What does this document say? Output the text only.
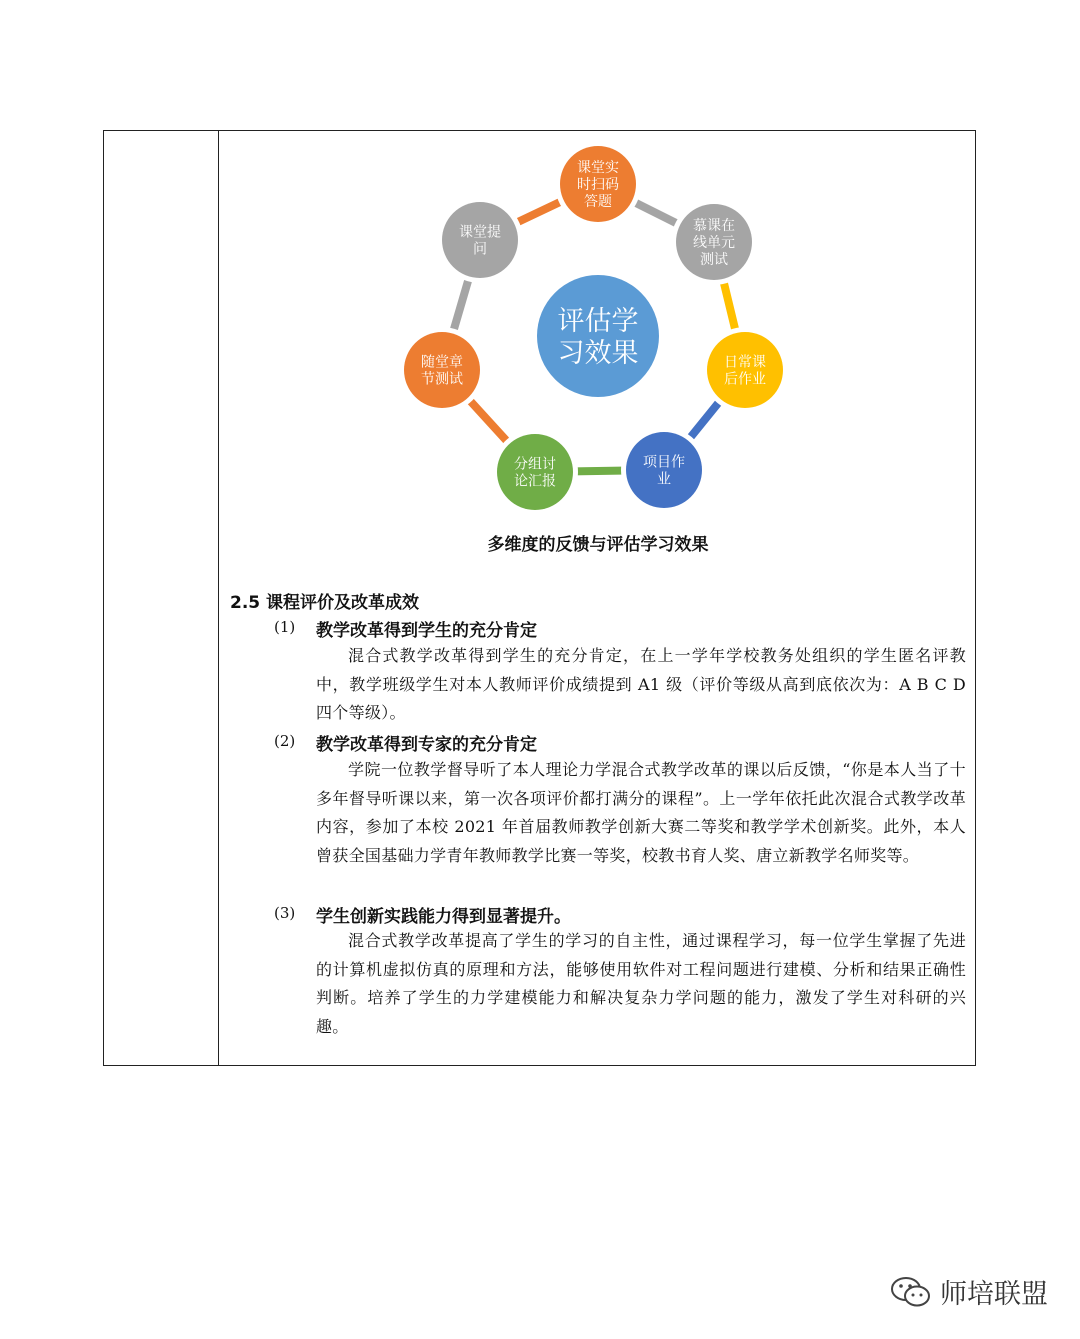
课堂实
时扫码
答题
慕课在
线单元
测试
日常课
后作业
项目作
业
分组讨
论汇报
随堂章
节测试
课堂提
问
评估学
习效果
多维度的反馈与评估学习效果
2.5 课程评价及改革成效
(1) 教学改革得到学生的充分肯定
混合式教学改革得到学生的充分肯定，在上一学年学校教务处组织的学生匿名评教中，教学班级学生对本人教师评价成绩提到 A1 级（评价等级从高到底依次为：A B C D 四个等级）。
(2) 教学改革得到专家的充分肯定
学院一位教学督导听了本人理论力学混合式教学改革的课以后反馈，“你是本人当了十多年督导听课以来，第一次各项评价都打满分的课程”。上一学年依托此次混合式教学改革内容，参加了本校 2021 年首届教师教学创新大赛二等奖和教学学术创新奖。此外，本人曾获全国基础力学青年教师教学比赛一等奖，校教书育人奖、唐立新教学名师奖等。
(3) 学生创新实践能力得到显著提升。
混合式教学改革提高了学生的学习的自主性，通过课程学习，每一位学生掌握了先进的计算机虚拟仿真的原理和方法，能够使用软件对工程问题进行建模、分析和结果正确性判断。培养了学生的力学建模能力和解决复杂力学问题的能力，激发了学生对科研的兴趣。
师培联盟
